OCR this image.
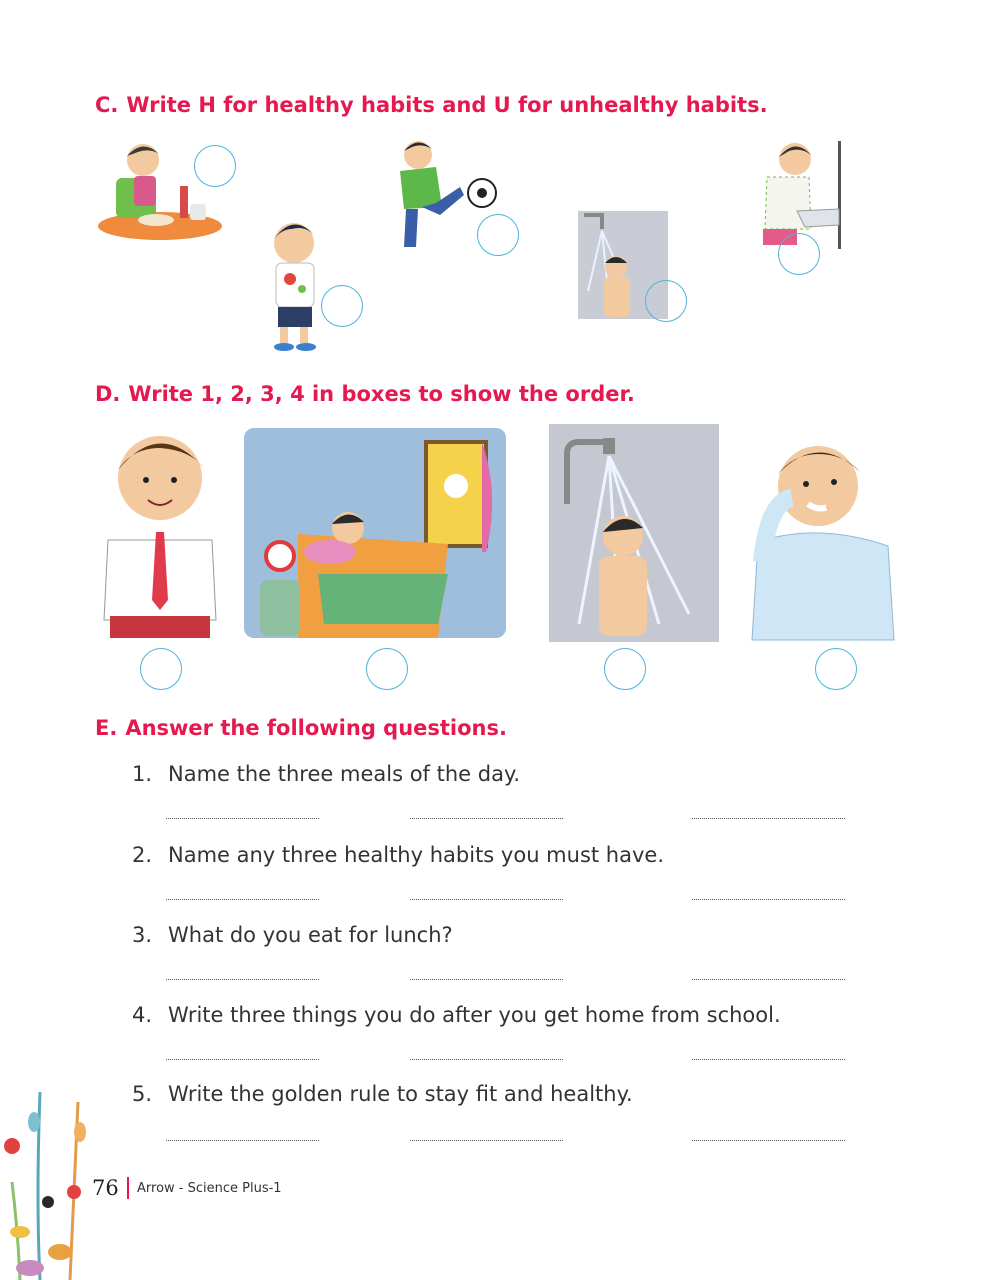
C. Write H for healthy habits and U for unhealthy habits.
D. Write 1, 2, 3, 4 in boxes to show the order.
E. Answer the following questions.
1. Name the three meals of the day.
2. Name any three healthy habits you must have.
3. What do you eat for lunch?
4. Write three things you do after you get home from school.
5. Write the golden rule to stay fit and healthy.
76 Arrow - Science Plus-1
